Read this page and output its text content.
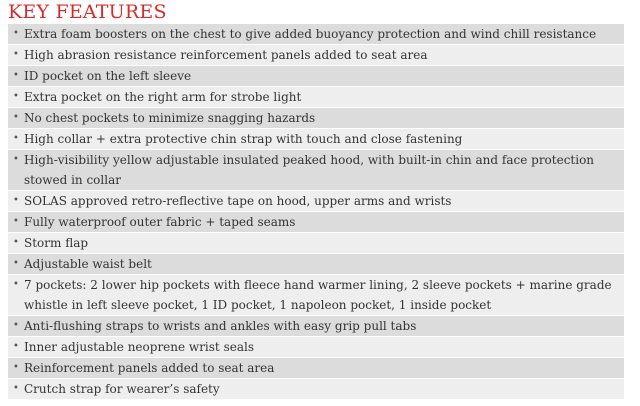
KEY FEATURES
• Extra foam boosters on the chest to give added buoyancy protection and wind chill resistance
• High abrasion resistance reinforcement panels added to seat area
• ID pocket on the left sleeve
• Extra pocket on the right arm for strobe light
• No chest pockets to minimize snagging hazards
• High collar + extra protective chin strap with touch and close fastening
• High-visibility yellow adjustable insulated peaked hood, with built-in chin and face protection stowed in collar
• SOLAS approved retro-reflective tape on hood, upper arms and wrists
• Fully waterproof outer fabric + taped seams
• Storm flap
• Adjustable waist belt
• 7 pockets: 2 lower hip pockets with fleece hand warmer lining, 2 sleeve pockets + marine grade whistle in left sleeve pocket, 1 ID pocket, 1 napoleon pocket, 1 inside pocket
• Anti-flushing straps to wrists and ankles with easy grip pull tabs
• Inner adjustable neoprene wrist seals
• Reinforcement panels added to seat area
• Crutch strap for wearer’s safety
